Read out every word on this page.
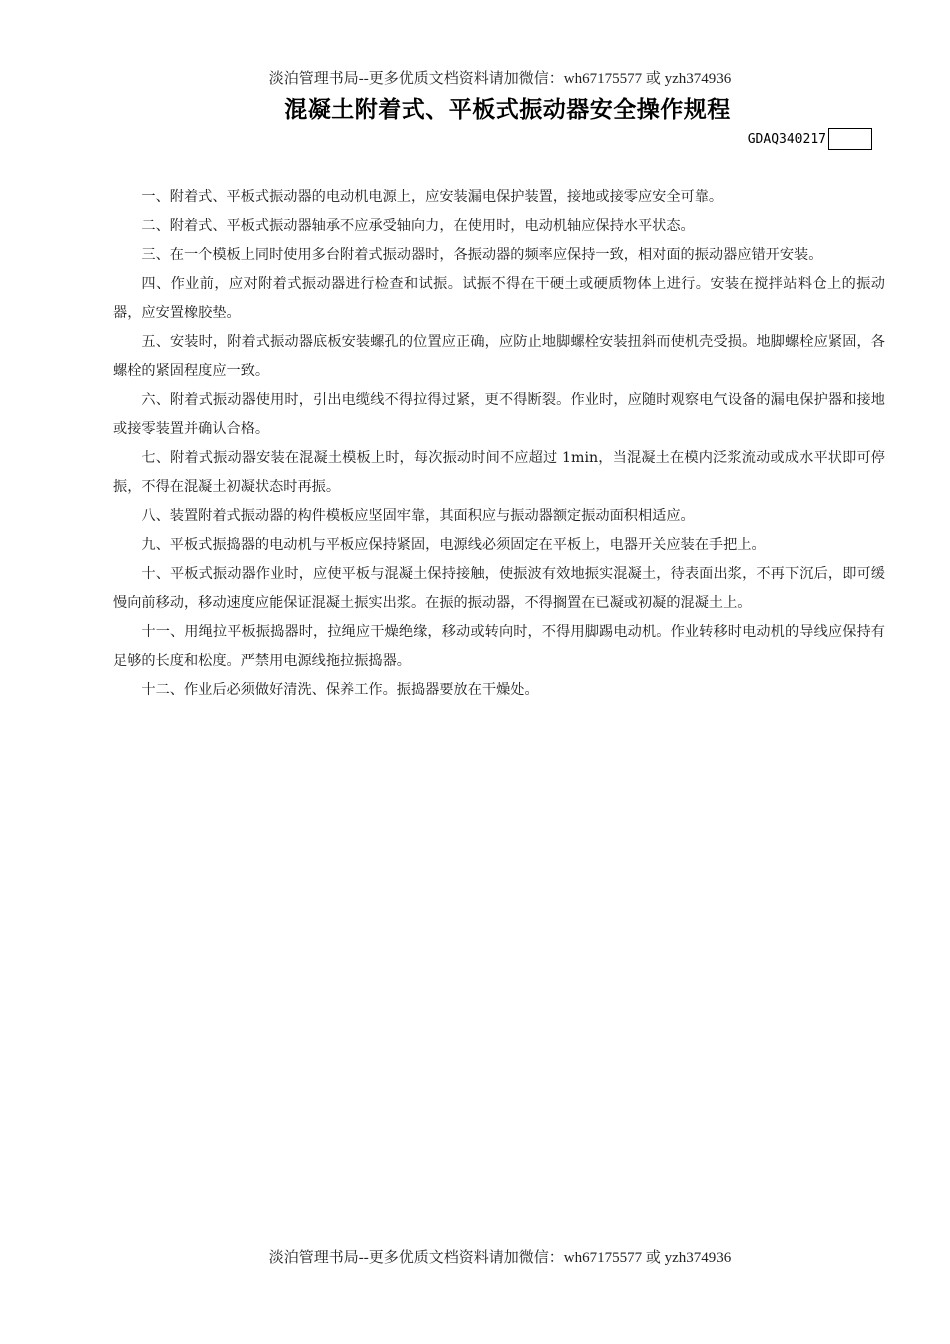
淡泊管理书局--更多优质文档资料请加微信：wh67175577 或 yzh374936
混凝土附着式、平板式振动器安全操作规程
GDAQ340217

一、附着式、平板式振动器的电动机电源上，应安装漏电保护装置，接地或接零应安全可靠。

二、附着式、平板式振动器轴承不应承受轴向力，在使用时，电动机轴应保持水平状态。

三、在一个模板上同时使用多台附着式振动器时，各振动器的频率应保持一致，相对面的振动器应错开安装。

四、作业前，应对附着式振动器进行检查和试振。试振不得在干硬土或硬质物体上进行。安装在搅拌站料仓上的振动器，应安置橡胶垫。

五、安装时，附着式振动器底板安装螺孔的位置应正确，应防止地脚螺栓安装扭斜而使机壳受损。地脚螺栓应紧固，各螺栓的紧固程度应一致。

六、附着式振动器使用时，引出电缆线不得拉得过紧，更不得断裂。作业时，应随时观察电气设备的漏电保护器和接地或接零装置并确认合格。

七、附着式振动器安装在混凝土模板上时，每次振动时间不应超过 1min，当混凝土在模内泛浆流动或成水平状即可停振，不得在混凝土初凝状态时再振。

八、装置附着式振动器的构件模板应坚固牢靠，其面积应与振动器额定振动面积相适应。

九、平板式振捣器的电动机与平板应保持紧固，电源线必须固定在平板上，电器开关应装在手把上。

十、平板式振动器作业时，应使平板与混凝土保持接触，使振波有效地振实混凝土，待表面出浆，不再下沉后，即可缓慢向前移动，移动速度应能保证混凝土振实出浆。在振的振动器，不得搁置在已凝或初凝的混凝土上。

十一、用绳拉平板振捣器时，拉绳应干燥绝缘，移动或转向时，不得用脚踢电动机。作业转移时电动机的导线应保持有足够的长度和松度。严禁用电源线拖拉振捣器。

十二、作业后必须做好清洗、保养工作。振捣器要放在干燥处。

淡泊管理书局--更多优质文档资料请加微信：wh67175577 或 yzh374936
